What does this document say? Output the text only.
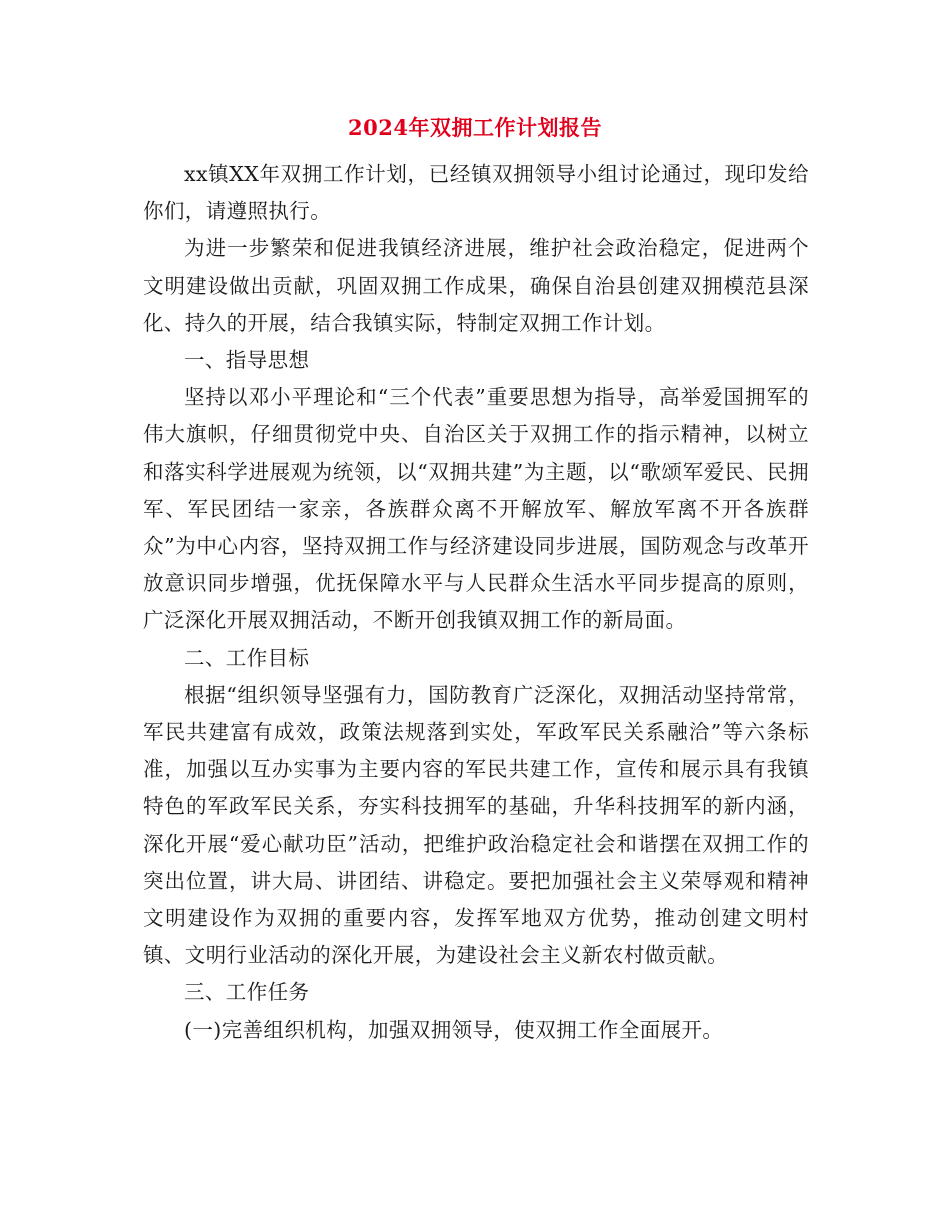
2024年双拥工作计划报告

xx镇XX年双拥工作计划，已经镇双拥领导小组讨论通过，现印发给你们，请遵照执行。

为进一步繁荣和促进我镇经济进展，维护社会政治稳定，促进两个文明建设做出贡献，巩固双拥工作成果，确保自治县创建双拥模范县深化、持久的开展，结合我镇实际，特制定双拥工作计划。

一、指导思想

坚持以邓小平理论和“三个代表”重要思想为指导，高举爱国拥军的伟大旗帜，仔细贯彻党中央、自治区关于双拥工作的指示精神，以树立和落实科学进展观为统领，以“双拥共建”为主题，以“歌颂军爱民、民拥军、军民团结一家亲，各族群众离不开解放军、解放军离不开各族群众”为中心内容，坚持双拥工作与经济建设同步进展，国防观念与改革开放意识同步增强，优抚保障水平与人民群众生活水平同步提高的原则，广泛深化开展双拥活动，不断开创我镇双拥工作的新局面。

二、工作目标

根据“组织领导坚强有力，国防教育广泛深化，双拥活动坚持常常，军民共建富有成效，政策法规落到实处，军政军民关系融洽”等六条标准，加强以互办实事为主要内容的军民共建工作，宣传和展示具有我镇特色的军政军民关系，夯实科技拥军的基础，升华科技拥军的新内涵，深化开展“爱心献功臣”活动，把维护政治稳定社会和谐摆在双拥工作的突出位置，讲大局、讲团结、讲稳定。要把加强社会主义荣辱观和精神文明建设作为双拥的重要内容，发挥军地双方优势，推动创建文明村镇、文明行业活动的深化开展，为建设社会主义新农村做贡献。

三、工作任务

(一)完善组织机构，加强双拥领导，使双拥工作全面展开。
